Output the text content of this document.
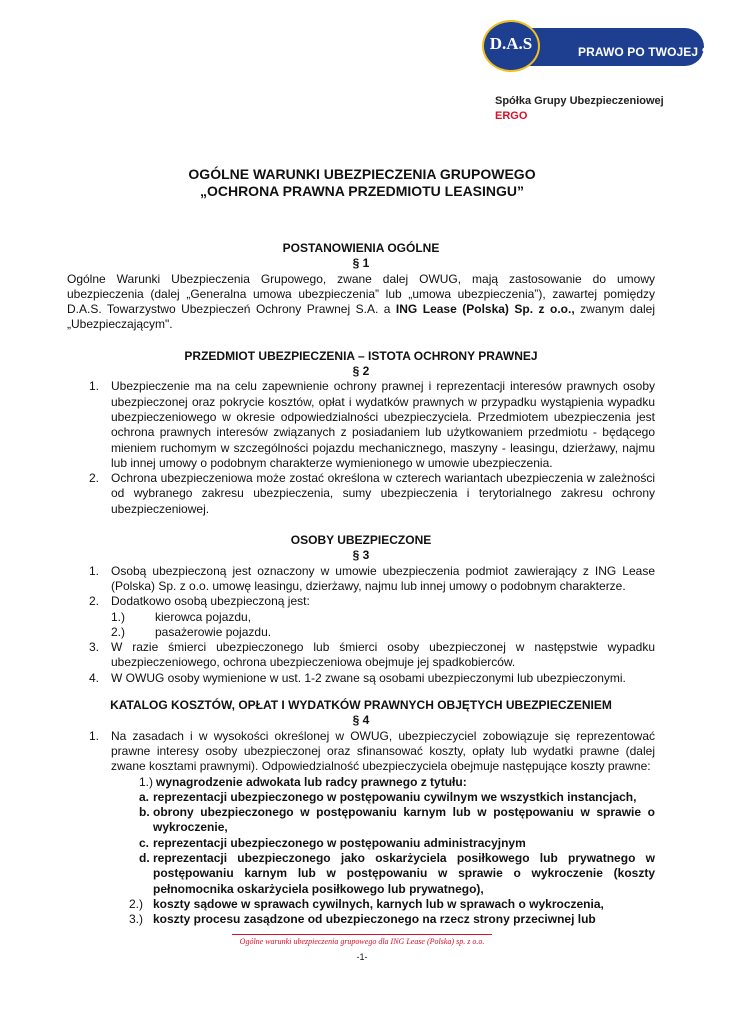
PRAWO PO TWOJEJ STRONIE
D.A.S
Spółka Grupy Ubezpieczeniowej
ERGO
OGÓLNE WARUNKI UBEZPIECZENIA GRUPOWEGO
„OCHRONA PRAWNA PRZEDMIOTU LEASINGU”
POSTANOWIENIA OGÓLNE
§ 1
Ogólne Warunki Ubezpieczenia Grupowego, zwane dalej OWUG, mają zastosowanie do umowy ubezpieczenia (dalej „Generalna umowa ubezpieczenia” lub „umowa ubezpieczenia”), zawartej pomiędzy D.A.S. Towarzystwo Ubezpieczeń Ochrony Prawnej S.A. a ING Lease (Polska) Sp. z o.o., zwanym dalej „Ubezpieczającym".
PRZEDMIOT UBEZPIECZENIA – ISTOTA OCHRONY PRAWNEJ
§ 2
1. Ubezpieczenie ma na celu zapewnienie ochrony prawnej i reprezentacji interesów prawnych osoby ubezpieczonej oraz pokrycie kosztów, opłat i wydatków prawnych w przypadku wystąpienia wypadku ubezpieczeniowego w okresie odpowiedzialności ubezpieczyciela. Przedmiotem ubezpieczenia jest ochrona prawnych interesów związanych z posiadaniem lub użytkowaniem przedmiotu - będącego mieniem ruchomym w szczególności pojazdu mechanicznego, maszyny - leasingu, dzierżawy, najmu lub innej umowy o podobnym charakterze wymienionego w umowie ubezpieczenia.
2. Ochrona ubezpieczeniowa może zostać określona w czterech wariantach ubezpieczenia w zależności od wybranego zakresu ubezpieczenia, sumy ubezpieczenia i terytorialnego zakresu ochrony ubezpieczeniowej.
OSOBY UBEZPIECZONE
§ 3
1. Osobą ubezpieczoną jest oznaczony w umowie ubezpieczenia podmiot zawierający z ING Lease (Polska) Sp. z o.o. umowę leasingu, dzierżawy, najmu lub innej umowy o podobnym charakterze.
2. Dodatkowo osobą ubezpieczoną jest:
1.) kierowca pojazdu,
2.) pasażerowie pojazdu.
3. W razie śmierci ubezpieczonego lub śmierci osoby ubezpieczonej w następstwie wypadku ubezpieczeniowego, ochrona ubezpieczeniowa obejmuje jej spadkobierców.
4. W OWUG osoby wymienione w ust. 1-2 zwane są osobami ubezpieczonymi lub ubezpieczonymi.
KATALOG KOSZTÓW, OPŁAT I WYDATKÓW PRAWNYCH OBJĘTYCH UBEZPIECZENIEM
§ 4
1. Na zasadach i w wysokości określonej w OWUG, ubezpieczyciel zobowiązuje się reprezentować prawne interesy osoby ubezpieczonej oraz sfinansować koszty, opłaty lub wydatki prawne (dalej zwane kosztami prawnymi). Odpowiedzialność ubezpieczyciela obejmuje następujące koszty prawne:
1.) wynagrodzenie adwokata lub radcy prawnego z tytułu:
a. reprezentacji ubezpieczonego w postępowaniu cywilnym we wszystkich instancjach,
b. obrony ubezpieczonego w postępowaniu karnym lub w postępowaniu w sprawie o wykroczenie,
c. reprezentacji ubezpieczonego w postępowaniu administracyjnym
d. reprezentacji ubezpieczonego jako oskarżyciela posiłkowego lub prywatnego w postępowaniu karnym lub w postępowaniu w sprawie o wykroczenie (koszty pełnomocnika oskarżyciela posiłkowego lub prywatnego),
2.) koszty sądowe w sprawach cywilnych, karnych lub w sprawach o wykroczenia,
3.) koszty procesu zasądzone od ubezpieczonego na rzecz strony przeciwnej lub
Ogólne warunki ubezpieczenia grupowego dla ING Lease (Polska) sp. z o.o.
-1-
